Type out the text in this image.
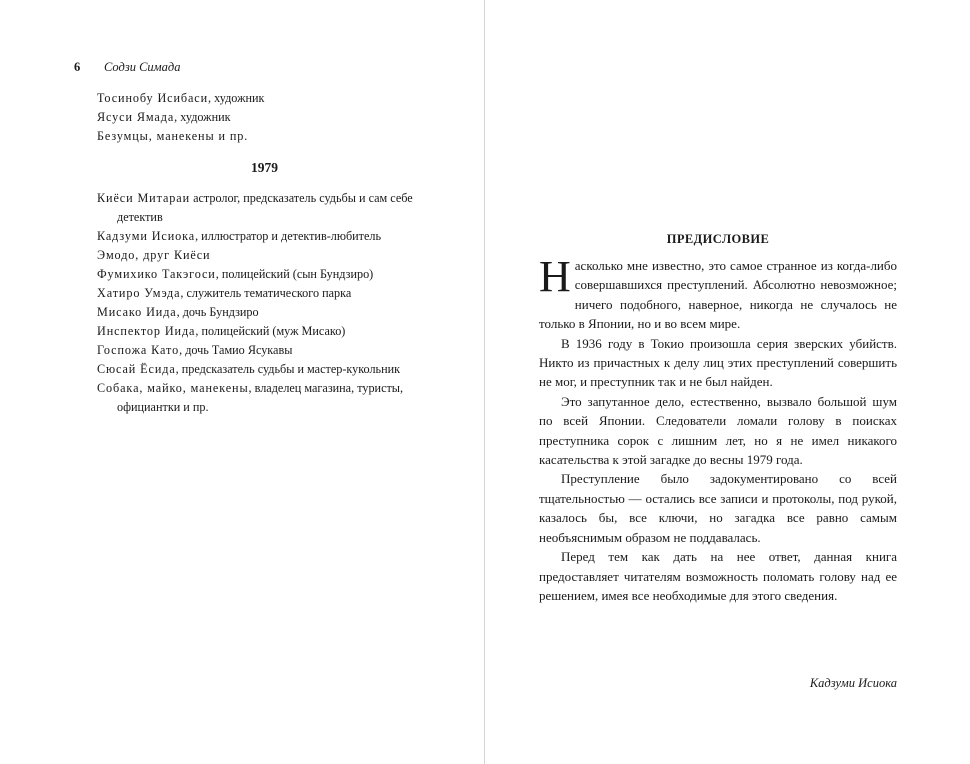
6 Содзи Симада
Тосинобу Исибаси, художник
Ясуси Ямада, художник
Безумцы, манекены и пр.
1979
Киёси Митараи астролог, предсказатель судьбы и сам себе детектив
Кадзуми Исиока, иллюстратор и детектив-любитель
Эмодо, друг Киёси
Фумихико Такэгоси, полицейский (сын Бундзиро)
Хатиро Умэда, служитель тематического парка
Мисако Иида, дочь Бундзиро
Инспектор Иида, полицейский (муж Мисако)
Госпожа Като, дочь Тамио Ясукавы
Сюсай Ёсида, предсказатель судьбы и мастер-кукольник
Собака, майко, манекены, владелец магазина, туристы, официантки и пр.
ПРЕДИСЛОВИЕ

Насколько мне известно, это самое странное из когда-либо совершавшихся преступлений. Абсолютно невозможное; ничего подобного, наверное, никогда не случалось не только в Японии, но и во всем мире.

В 1936 году в Токио произошла серия зверских убийств. Никто из причастных к делу лиц этих преступлений совершить не мог, и преступник так и не был найден.

Это запутанное дело, естественно, вызвало большой шум по всей Японии. Следователи ломали голову в поисках преступника сорок с лишним лет, но я не имел никакого касательства к этой загадке до весны 1979 года.

Преступление было задокументировано со всей тщательностью — остались все записи и протоколы, под рукой, казалось бы, все ключи, но загадка все равно самым необъяснимым образом не поддавалась.

Перед тем как дать на нее ответ, данная книга предоставляет читателям возможность поломать голову над ее решением, имея все необходимые для этого сведения.

Кадзуми Исиока
